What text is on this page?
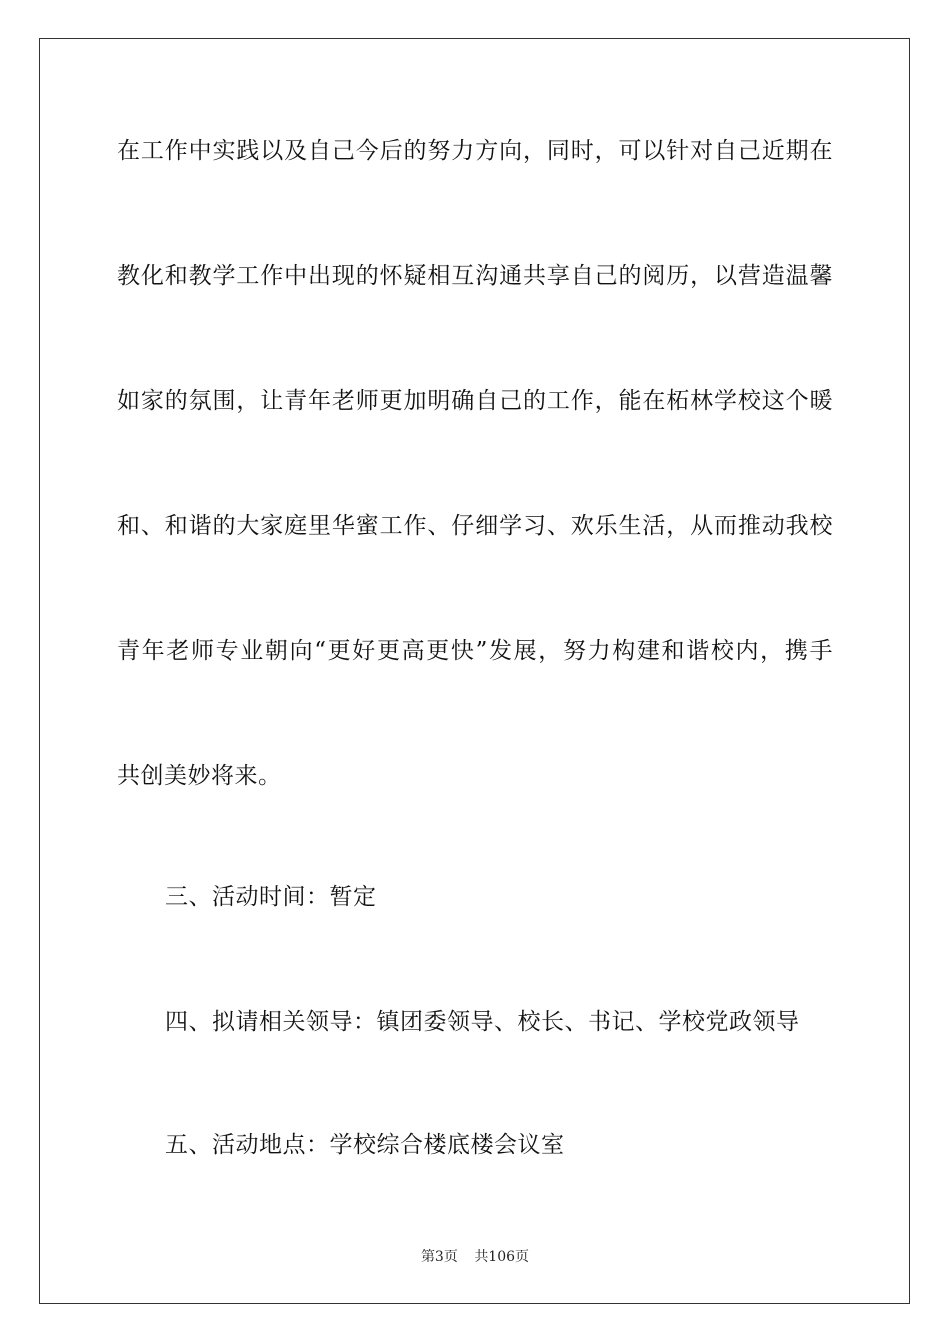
在工作中实践以及自己今后的努力方向，同时，可以针对自己近期在
教化和教学工作中出现的怀疑相互沟通共享自己的阅历，以营造温馨
如家的氛围，让青年老师更加明确自己的工作，能在柘林学校这个暖
和、和谐的大家庭里华蜜工作、仔细学习、欢乐生活，从而推动我校
青年老师专业朝向“更好更高更快”发展，努力构建和谐校内，携手
共创美妙将来。
三、活动时间：暂定
四、拟请相关领导：镇团委领导、校长、书记、学校党政领导
五、活动地点：学校综合楼底楼会议室
第3页 共106页
